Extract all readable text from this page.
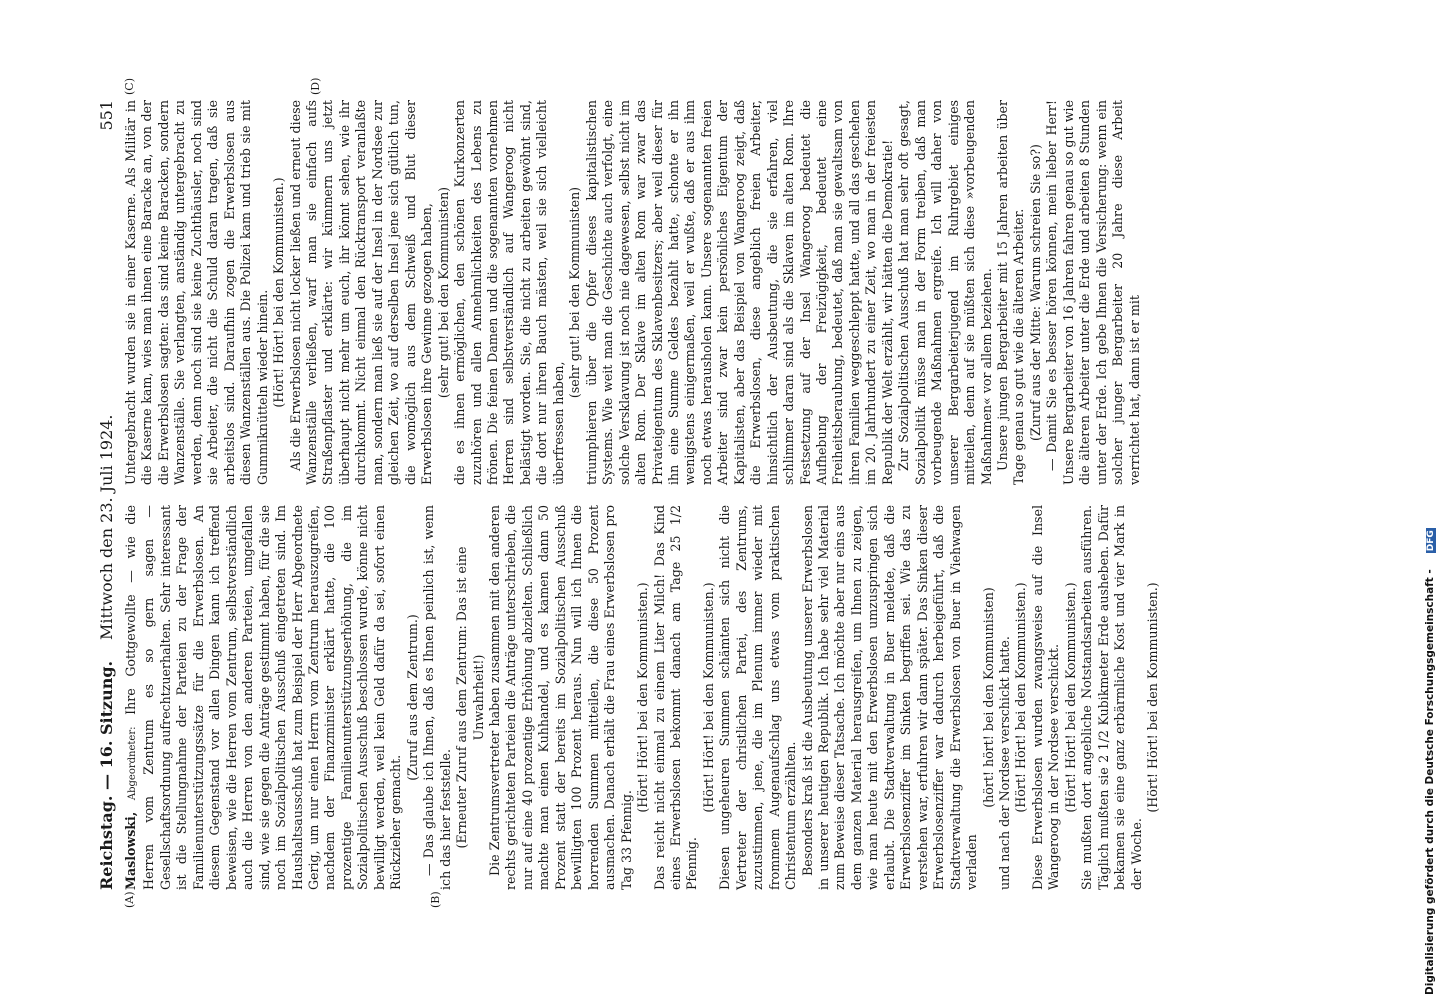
Reichstag. — 16. Sitzung.
Mittwoch den 23. Juli 1924.
551
(A)	(B)
(C)	(D)

Maslowski, Abgeordneter: Ihre Gottgewollte — wie die Herren vom Zentrum es so gern sagen — Gesellschaftsordnung aufrechtzuerhalten. Sehr interessant ist die Stellungnahme der Parteien zu der Frage der Familienunterstützungssätze für die Erwerbslosen. An diesem Gegenstand vor allen Dingen kann ich treffend beweisen, wie die Herren vom Zentrum, selbstverständlich auch die Herren von den anderen Parteien, umgefallen sind, wie sie gegen die Anträge gestimmt haben, für die sie noch im Sozialpolitischen Ausschuß eingetreten sind. Im Haushaltsausschuß hat zum Beispiel der Herr Abgeordnete Gerig, um nur einen Herrn vom Zentrum herauszugreifen, nachdem der Finanzminister erklärt hatte, die 100 prozentige Familienunterstützungserhöhung, die im Sozialpolitischen Ausschuß beschlossen wurde, könne nicht bewilligt werden, weil kein Geld dafür da sei, sofort einen Rückzieher gemacht.

(Zuruf aus dem Zentrum.) — Das glaube ich Ihnen, daß es Ihnen peinlich ist, wenn ich das hier feststelle. (Erneuter Zuruf aus dem Zentrum: Das ist eine Unwahrheit!) Die Zentrumsvertreter haben zusammen mit den anderen rechts gerichteten Parteien die Anträge unterschrieben, die nur auf eine 40 prozentige Erhöhung abzielten. Schließlich machte man einen Kuhhandel, und es kamen dann 50 Prozent statt der bereits im Sozialpolitischen Ausschuß bewilligten 100 Prozent heraus. Nun will ich Ihnen die horrenden Summen mitteilen, die diese 50 Prozent ausmachen. Danach erhält die Frau eines Erwerbslosen pro Tag 33 Pfennig.

(Hört! Hört! bei den Kommunisten.) Das reicht nicht einmal zu einem Liter Milch! Das Kind eines Erwerbslosen bekommt danach am Tage 25 1/2 Pfennig.

(Hört! Hört! bei den Kommunisten.) Diesen ungeheuren Summen schämten sich nicht die Vertreter der christlichen Partei, des Zentrums, zuzustimmen, jene, die im Plenum immer wieder mit frommem Augenaufschlag uns etwas vom praktischen Christentum erzählten. Besonders kraß ist die Ausbeutung unserer Erwerbslosen in unserer heutigen Republik. Ich habe sehr viel Material zum Beweise dieser Tatsache. Ich möchte aber nur eins aus dem ganzen Material herausgreifen, um Ihnen zu zeigen, wie man heute mit den Erwerbslosen umzuspringen sich erlaubt. Die Stadtverwaltung in Buer meldete, daß die Erwerbslosenziffer im Sinken begriffen sei. Wie das zu verstehen war, erfuhren wir dann später. Das Sinken dieser Erwerbslosenziffer war dadurch herbeigeführt, daß die Stadtverwaltung die Erwerbslosen von Buer in Viehwagen verladen

(hört! hört! bei den Kommunisten) und nach der Nordsee verschickt hatte. (Hört! Hört! bei den Kommunisten.) Diese Erwerbslosen wurden zwangsweise auf die Insel Wangeroog in der Nordsee verschickt. (Hört! Hört! bei den Kommunisten.) Sie mußten dort angebliche Notstandsarbeiten ausführen. Täglich mußten sie 2 1/2 Kubikmeter Erde ausheben. Dafür bekamen sie eine ganz erbärmliche Kost und vier Mark in der Woche.

(Hört! Hört! bei den Kommunisten.)

Untergebracht wurden sie in einer Kaserne. Als Militär in die Kaserne kam, wies man ihnen eine Baracke an, von der die Erwerbslosen sagten: das sind keine Baracken, sondern Wanzenställe. Sie verlangten, anständig untergebracht zu werden, denn noch sind sie keine Zuchthäusler, noch sind sie Arbeiter, die nicht die Schuld daran tragen, daß sie arbeitslos sind. Daraufhin zogen die Erwerbslosen aus diesen Wanzenställen aus. Die Polizei kam und trieb sie mit Gummiknütteln wieder hinein. (Hört! Hört! bei den Kommunisten.) Als die Erwerbslosen nicht locker ließen und erneut diese Wanzenställe verließen, warf man sie einfach aufs Straßenpflaster und erklärte: wir kümmern uns jetzt überhaupt nicht mehr um euch, ihr könnt sehen, wie ihr durchkommt. Nicht einmal den Rücktransport veranlaßte man, sondern man ließ sie auf der Insel in der Nordsee zur gleichen Zeit, wo auf derselben Insel jene sich gütlich tun, die womöglich aus dem Schweiß und Blut dieser Erwerbslosen ihre Gewinne gezogen haben, (sehr gut! bei den Kommunisten) die es ihnen ermöglichen, den schönen Kurkonzerten zuzuhören und allen Annehmlichkeiten des Lebens zu frönen. Die feinen Damen und die sogenannten vornehmen Herren sind selbstverständlich auf Wangeroog nicht belästigt worden. Sie, die nicht zu arbeiten gewöhnt sind, die dort nur ihren Bauch mästen, weil sie sich vielleicht überfressen haben,

(sehr gut! bei den Kommunisten) triumphieren über die Opfer dieses kapitalistischen Systems. Wie weit man die Geschichte auch verfolgt, eine solche Versklavung ist noch nie dagewesen, selbst nicht im alten Rom. Der Sklave im alten Rom war zwar das Privateigentum des Sklavenbesitzers; aber weil dieser für ihn eine Summe Geldes bezahlt hatte, schonte er ihn wenigstens einigermaßen, weil er wußte, daß er aus ihm noch etwas herausholen kann. Unsere sogenannten freien Arbeiter sind zwar kein persönliches Eigentum der Kapitalisten, aber das Beispiel von Wangeroog zeigt, daß die Erwerbslosen, diese angeblich freien Arbeiter, hinsichtlich der Ausbeutung, die sie erfahren, viel schlimmer daran sind als die Sklaven im alten Rom. Ihre Festsetzung auf der Insel Wangeroog bedeutet die Aufhebung der Freizügigkeit, bedeutet eine Freiheitsberaubung, bedeutet, daß man sie gewaltsam von ihren Familien weggeschleppt hatte, und all das geschehen im 20. Jahrhundert zu einer Zeit, wo man in der freiesten Republik der Welt erzählt, wir hätten die Demokratie! Zur Sozialpolitischen Ausschuß hat man sehr oft gesagt, Sozialpolitik müsse man in der Form treiben, daß man vorbeugende Maßnahmen ergreife. Ich will daher von unserer Bergarbeiterjugend im Ruhrgebiet einiges mitteilen, denn auf sie müßten sich diese »vorbeugenden Maßnahmen« vor allem beziehen. Unsere jungen Bergarbeiter mit 15 Jahren arbeiten über Tage genau so gut wie die älteren Arbeiter. (Zuruf aus der Mitte: Warum schreien Sie so?) — Damit Sie es besser hören können, mein lieber Herr! Unsere Bergarbeiter von 16 Jahren fahren genau so gut wie die älteren Arbeiter unter die Erde und arbeiten 8 Stunden unter der Erde. Ich gebe Ihnen die Versicherung: wenn ein solcher junger Bergarbeiter 20 Jahre diese Arbeit verrichtet hat, dann ist er mit

Digitalisierung gefördert durch die Deutsche Forschungsgemeinschaft -DFG
